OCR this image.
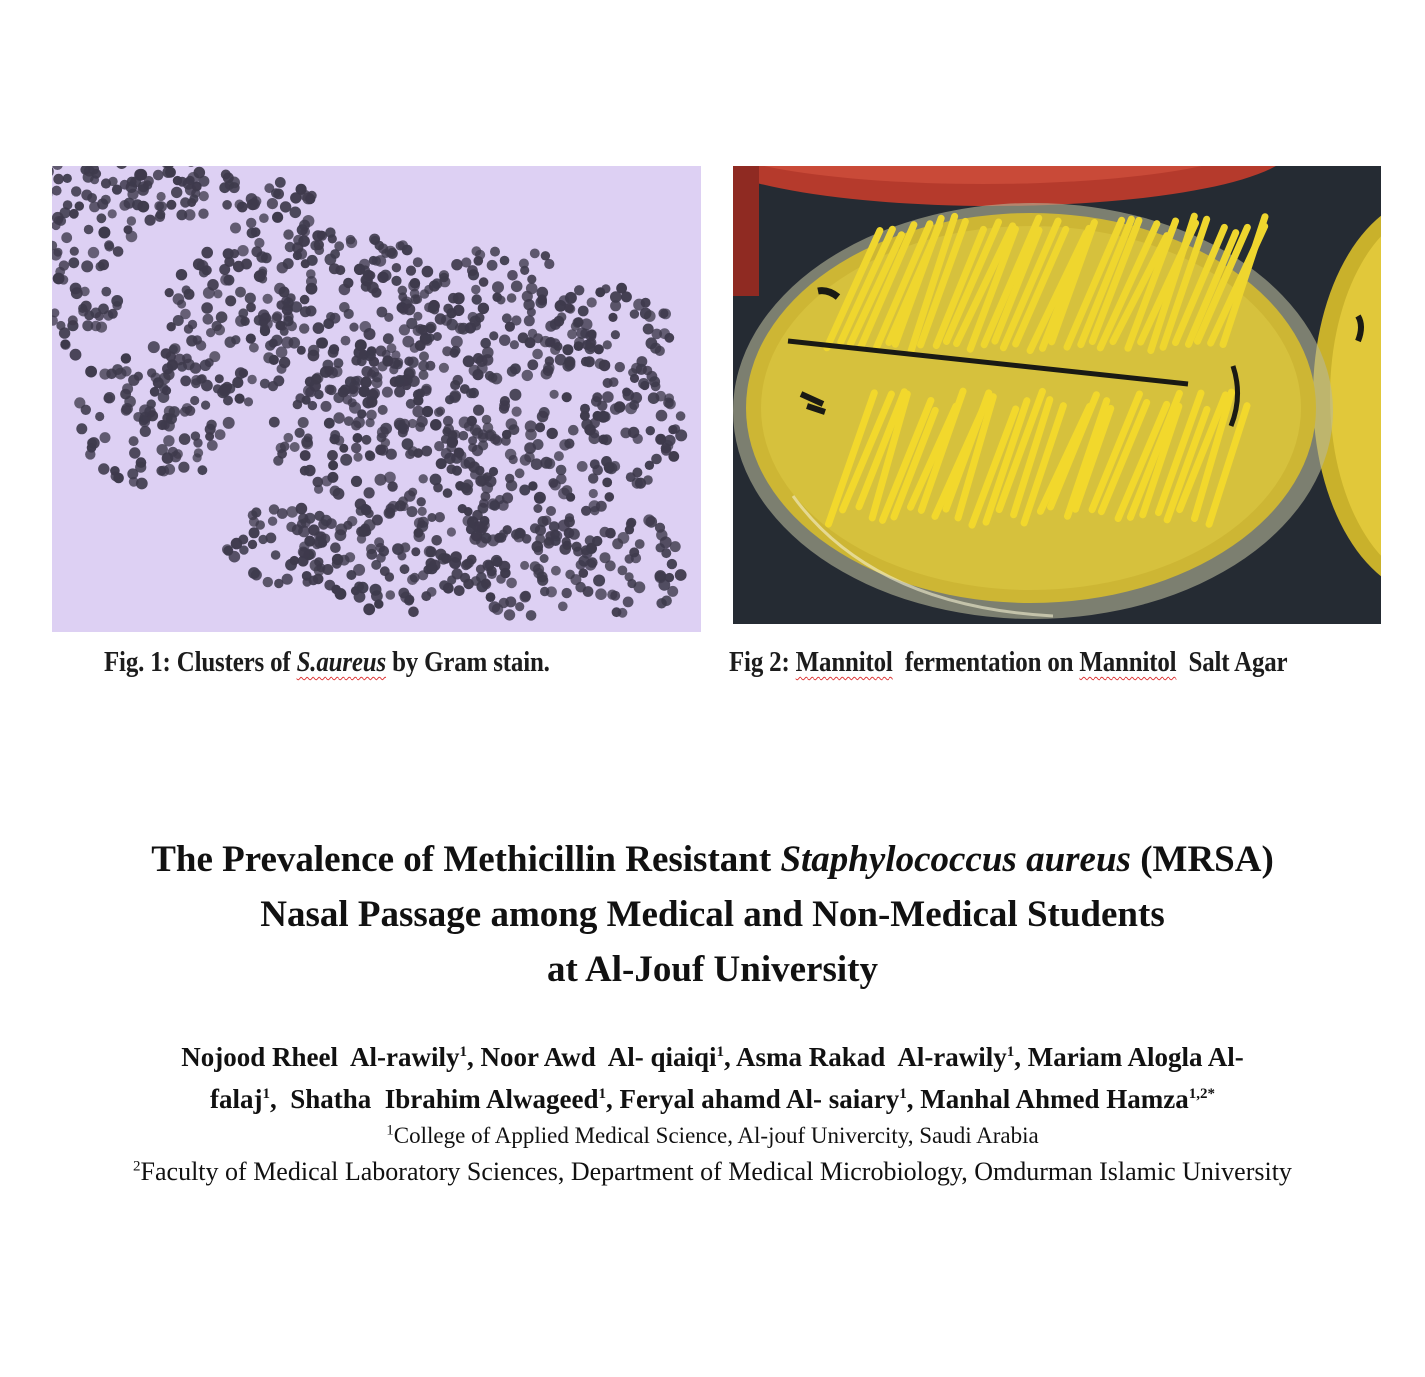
Fig. 1: Clusters of S.aureus by Gram stain.	Fig 2: Mannitol  fermentation on Mannitol  Salt Agar
The Prevalence of Methicillin Resistant Staphylococcus aureus (MRSA)
Nasal Passage among Medical and Non-Medical Students
at Al-Jouf University
Nojood Rheel  Al-rawily$^1$, Noor Awd  Al- qiaiqi$^1$, Asma Rakad  Al-rawily$^1$, Mariam Alogla Al-
falaj$^1$,  Shatha  Ibrahim Alwageed$^1$, Feryal ahamd Al- saiary$^1$, Manhal Ahmed Hamza$^{1,2*}$
$^1$College of Applied Medical Science, Al-jouf Univercity, Saudi Arabia
$^2$Faculty of Medical Laboratory Sciences, Department of Medical Microbiology, Omdurman Islamic University
